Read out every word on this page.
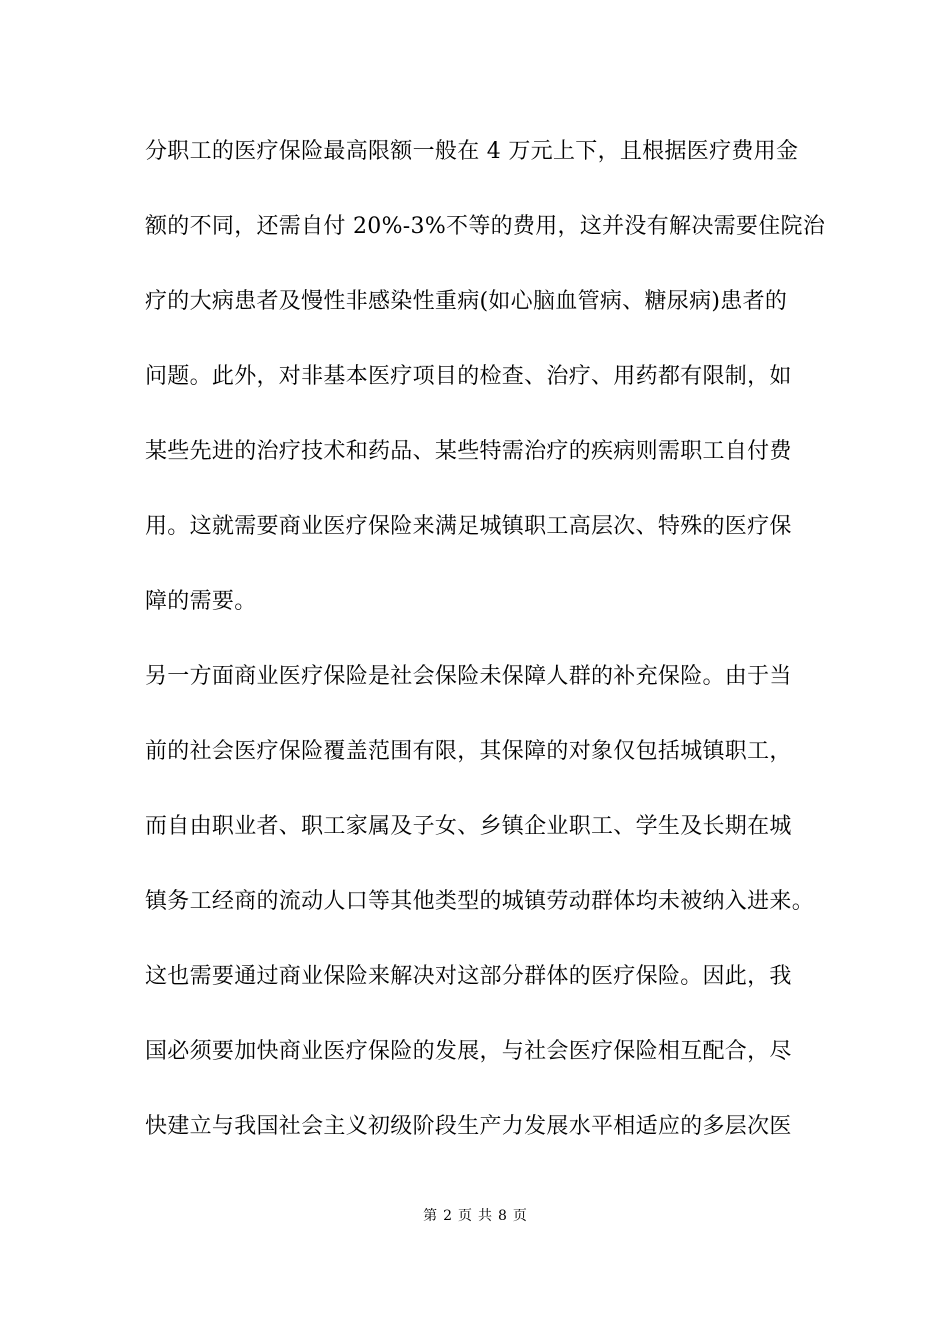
分职工的医疗保险最高限额一般在 4 万元上下，且根据医疗费用金
额的不同，还需自付 20%-3%不等的费用，这并没有解决需要住院治
疗的大病患者及慢性非感染性重病(如心脑血管病、糖尿病)患者的
问题。此外，对非基本医疗项目的检查、治疗、用药都有限制，如
某些先进的治疗技术和药品、某些特需治疗的疾病则需职工自付费
用。这就需要商业医疗保险来满足城镇职工高层次、特殊的医疗保
障的需要。
另一方面商业医疗保险是社会保险未保障人群的补充保险。由于当
前的社会医疗保险覆盖范围有限，其保障的对象仅包括城镇职工，
而自由职业者、职工家属及子女、乡镇企业职工、学生及长期在城
镇务工经商的流动人口等其他类型的城镇劳动群体均未被纳入进来。
这也需要通过商业保险来解决对这部分群体的医疗保险。因此，我
国必须要加快商业医疗保险的发展，与社会医疗保险相互配合，尽
快建立与我国社会主义初级阶段生产力发展水平相适应的多层次医
第 2 页 共 8 页
